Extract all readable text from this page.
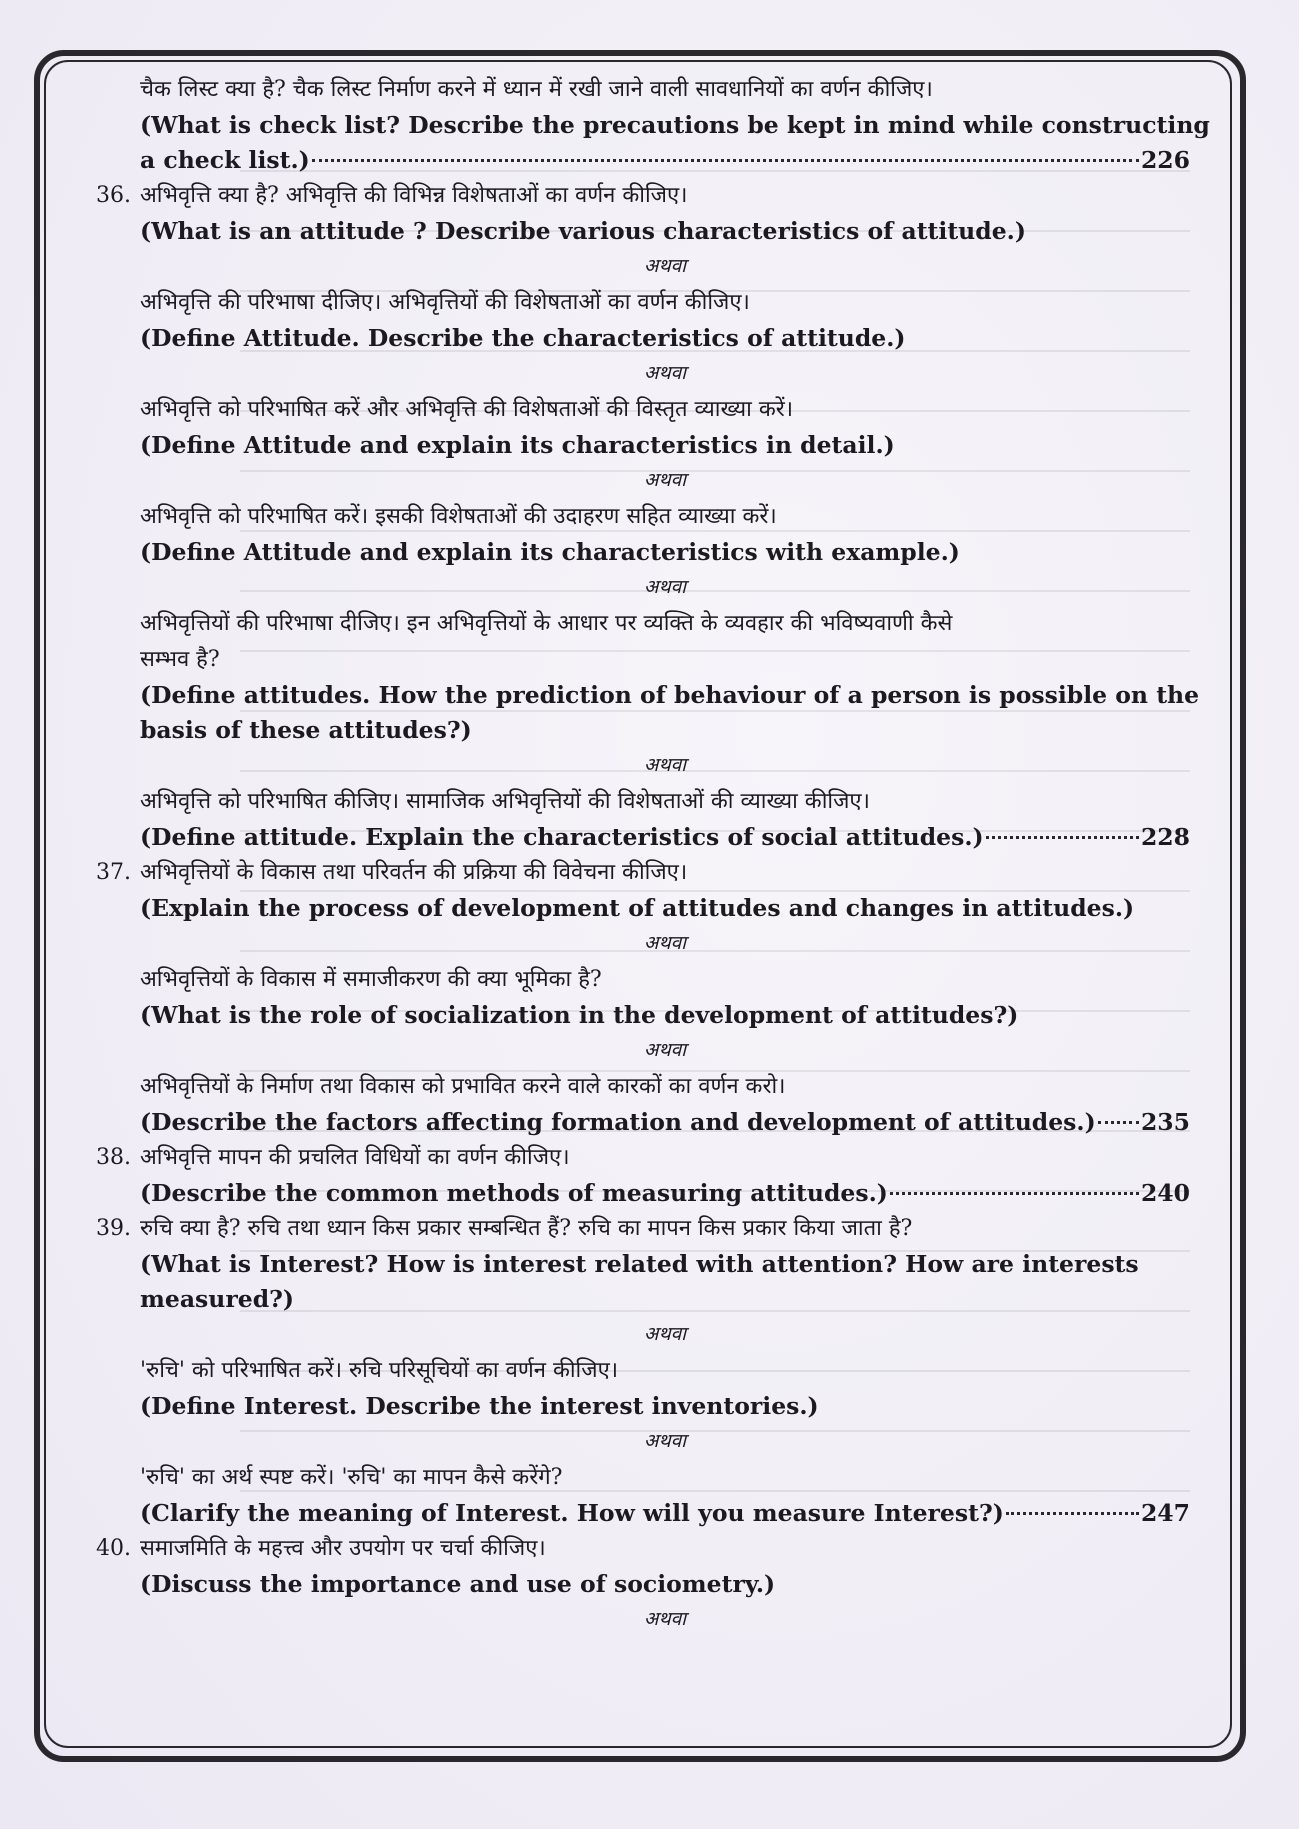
चैक लिस्ट क्या है? चैक लिस्ट निर्माण करने में ध्यान में रखी जाने वाली सावधानियों का वर्णन कीजिए।
(What is check list? Describe the precautions be kept in mind while constructing
a check list.)	226
36. अभिवृत्ति क्या है? अभिवृत्ति की विभिन्न विशेषताओं का वर्णन कीजिए।
(What is an attitude ? Describe various characteristics of attitude.)
अथवा
अभिवृत्ति की परिभाषा दीजिए। अभिवृत्तियों की विशेषताओं का वर्णन कीजिए।
(Define Attitude. Describe the characteristics of attitude.)
अथवा
अभिवृत्ति को परिभाषित करें और अभिवृत्ति की विशेषताओं की विस्तृत व्याख्या करें।
(Define Attitude and explain its characteristics in detail.)
अथवा
अभिवृत्ति को परिभाषित करें। इसकी विशेषताओं की उदाहरण सहित व्याख्या करें।
(Define Attitude and explain its characteristics with example.)
अथवा
अभिवृत्तियों की परिभाषा दीजिए। इन अभिवृत्तियों के आधार पर व्यक्ति के व्यवहार की भविष्यवाणी कैसे
सम्भव है?
(Define attitudes. How the prediction of behaviour of a person is possible on the
basis of these attitudes?)
अथवा
अभिवृत्ति को परिभाषित कीजिए। सामाजिक अभिवृत्तियों की विशेषताओं की व्याख्या कीजिए।
(Define attitude. Explain the characteristics of social attitudes.)	228
37. अभिवृत्तियों के विकास तथा परिवर्तन की प्रक्रिया की विवेचना कीजिए।
(Explain the process of development of attitudes and changes in attitudes.)
अथवा
अभिवृत्तियों के विकास में समाजीकरण की क्या भूमिका है?
(What is the role of socialization in the development of attitudes?)
अथवा
अभिवृत्तियों के निर्माण तथा विकास को प्रभावित करने वाले कारकों का वर्णन करो।
(Describe the factors affecting formation and development of attitudes.) 235
38. अभिवृत्ति मापन की प्रचलित विधियों का वर्णन कीजिए।
(Describe the common methods of measuring attitudes.)	240
39. रुचि क्या है? रुचि तथा ध्यान किस प्रकार सम्बन्धित हैं? रुचि का मापन किस प्रकार किया जाता है?
(What is Interest? How is interest related with attention? How are interests
measured?)
अथवा
'रुचि' को परिभाषित करें। रुचि परिसूचियों का वर्णन कीजिए।
(Define Interest. Describe the interest inventories.)
अथवा
'रुचि' का अर्थ स्पष्ट करें। 'रुचि' का मापन कैसे करेंगे?
(Clarify the meaning of Interest. How will you measure Interest?)	247
40. समाजमिति के महत्त्व और उपयोग पर चर्चा कीजिए।
(Discuss the importance and use of sociometry.)
अथवा
